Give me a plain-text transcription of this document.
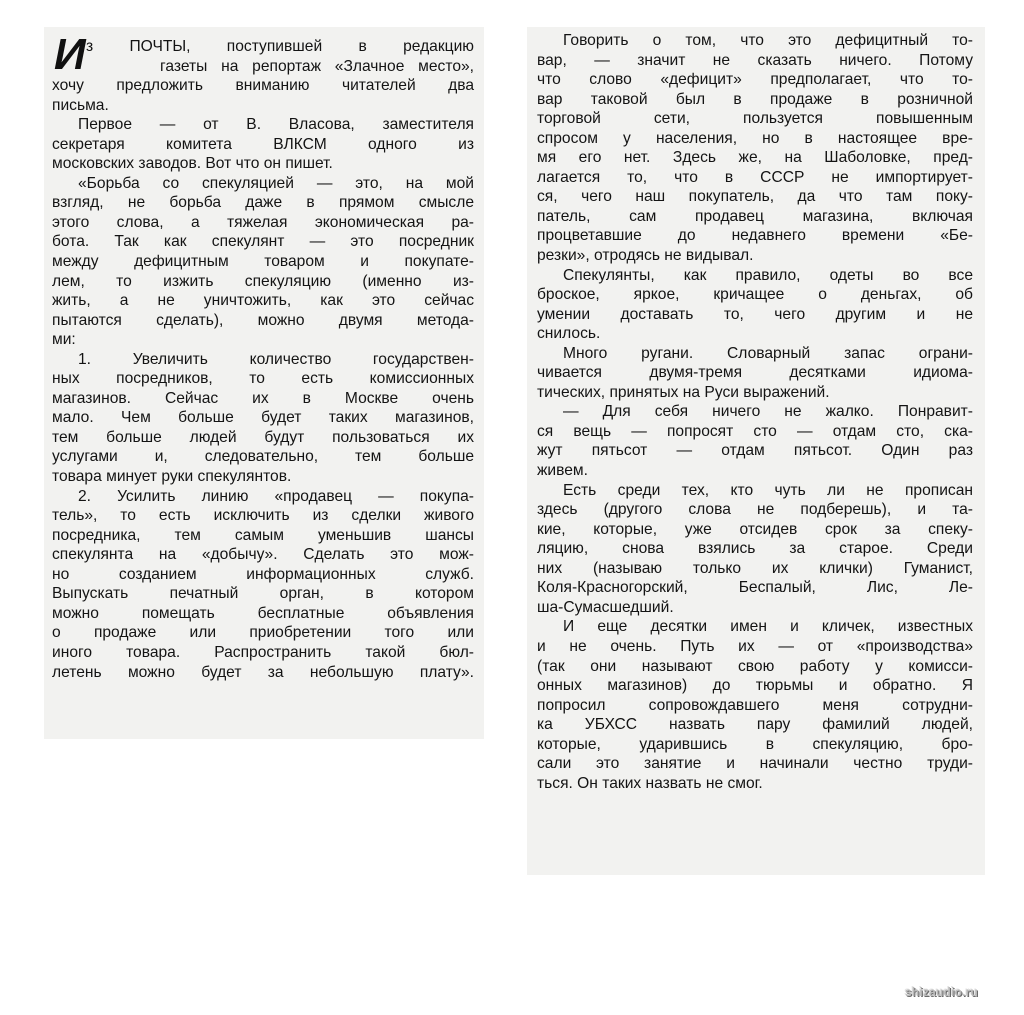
И з ПОЧТЫ, поступившей в редакцию
газеты на репортаж «Злачное место»,
хочу предложить вниманию читателей два
письма.
Первое — от В. Власова, заместителя
секретаря комитета ВЛКСМ одного из
московских заводов. Вот что он пишет.
«Борьба со спекуляцией — это, на мой
взгляд, не борьба даже в прямом смысле
этого слова, а тяжелая экономическая ра-
бота. Так как спекулянт — это посредник
между дефицитным товаром и покупате-
лем, то изжить спекуляцию (именно из-
жить, а не уничтожить, как это сейчас
пытаются сделать), можно двумя метода-
ми:
1. Увеличить количество государствен-
ных посредников, то есть комиссионных
магазинов. Сейчас их в Москве очень
мало. Чем больше будет таких магазинов,
тем больше людей будут пользоваться их
услугами и, следовательно, тем больше
товара минует руки спекулянтов.
2. Усилить линию «продавец — покупа-
тель», то есть исключить из сделки живого
посредника, тем самым уменьшив шансы
спекулянта на «добычу». Сделать это мож-
но созданием информационных служб.
Выпускать печатный орган, в котором
можно помещать бесплатные объявления
о продаже или приобретении того или
иного товара. Распространить такой бюл-
летень можно будет за небольшую плату».
Говорить о том, что это дефицитный то-
вар, — значит не сказать ничего. Потому
что слово «дефицит» предполагает, что то-
вар таковой был в продаже в розничной
торговой сети, пользуется повышенным
спросом у населения, но в настоящее вре-
мя его нет. Здесь же, на Шаболовке, пред-
лагается то, что в СССР не импортирует-
ся, чего наш покупатель, да что там поку-
патель, сам продавец магазина, включая
процветавшие до недавнего времени «Бе-
резки», отродясь не видывал.
Спекулянты, как правило, одеты во все
броское, яркое, кричащее о деньгах, об
умении доставать то, чего другим и не
снилось.
Много ругани. Словарный запас ограни-
чивается двумя-тремя десятками идиома-
тических, принятых на Руси выражений.
— Для себя ничего не жалко. Понравит-
ся вещь — попросят сто — отдам сто, ска-
жут пятьсот — отдам пятьсот. Один раз
живем.
Есть среди тех, кто чуть ли не прописан
здесь (другого слова не подберешь), и та-
кие, которые, уже отсидев срок за спеку-
ляцию, снова взялись за старое. Среди
них (называю только их клички) Гуманист,
Коля-Красногорский, Беспалый, Лис, Ле-
ша-Сумасшедший.
И еще десятки имен и кличек, известных
и не очень. Путь их — от «производства»
(так они называют свою работу у комисси-
онных магазинов) до тюрьмы и обратно. Я
попросил сопровождавшего меня сотрудни-
ка УБХСС назвать пару фамилий людей,
которые, ударившись в спекуляцию, бро-
сали это занятие и начинали честно труди-
ться. Он таких назвать не смог.
shizaudio.ru
